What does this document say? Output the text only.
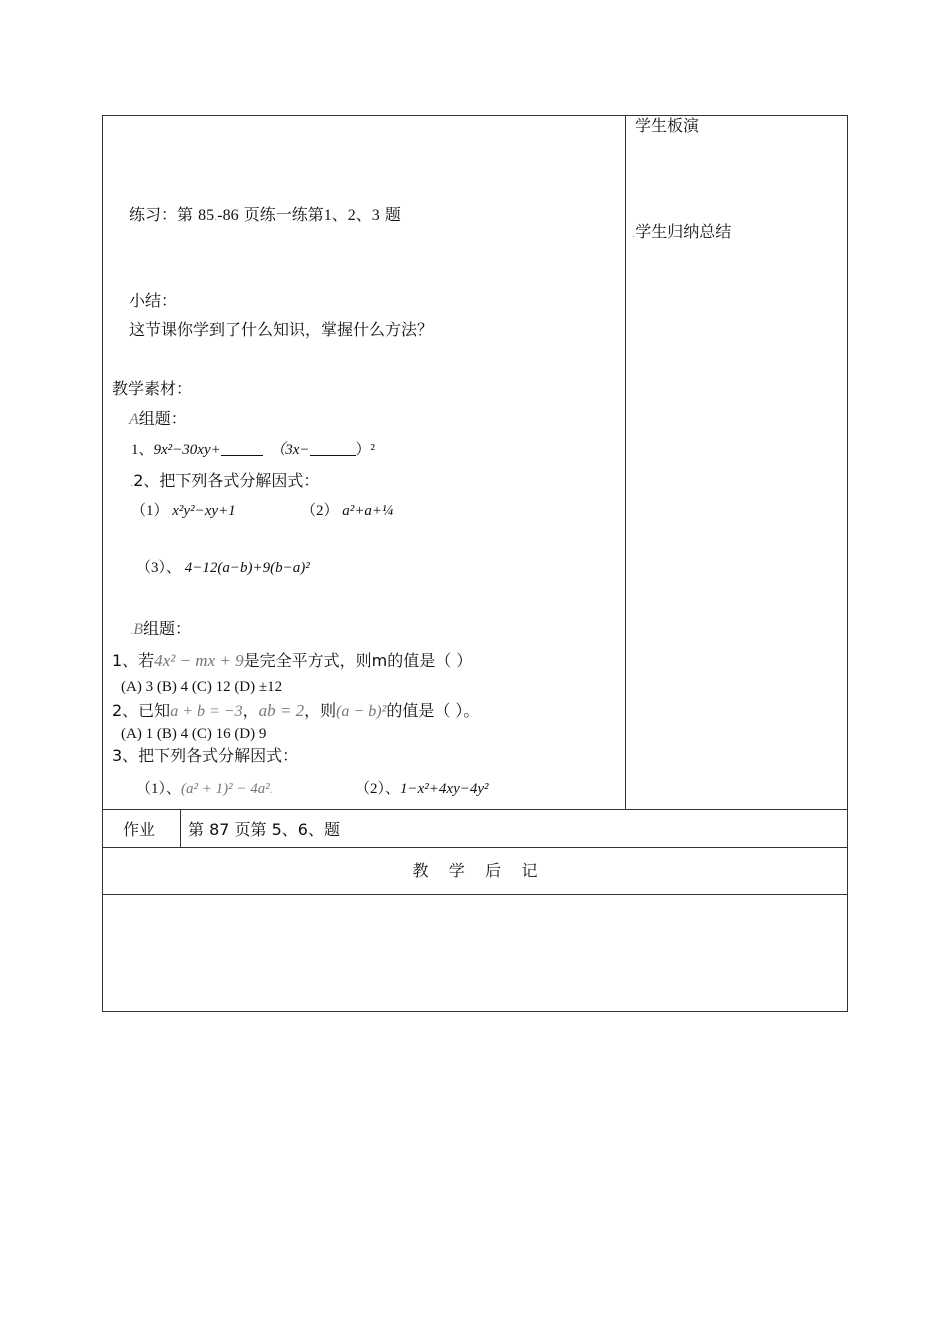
学生板演
.学生归纳总结
练习：第 85.-86 页练一练第1、2、3 题
小结：
这节课你学到了什么知识，掌握什么方法？
教学素材：
A组题：
1、9x²−30xy+	（3x−	）²
.2、把下列各式分解因式：
（1） x²y²−xy+1	（2） a²+a+¼
（3）、 4−12(a−b)+9(b−a)²
.B组题：
1、若4x² − mx + 9是完全平方式，则m的值是（ ）
(A) 3 (B) 4 (C) 12 (D) ±12
2、已知a + b = −3，ab = 2，则(a − b)²的值是（ ）。
(A) 1 (B) 4 (C) 16 (D) 9
3、把下列各式分解因式：
（1）、(a² + 1)² − 4a².	（2）、1−x²+4xy−4y²
作业 第 87 页第 5、6、题
教    学    后    记
